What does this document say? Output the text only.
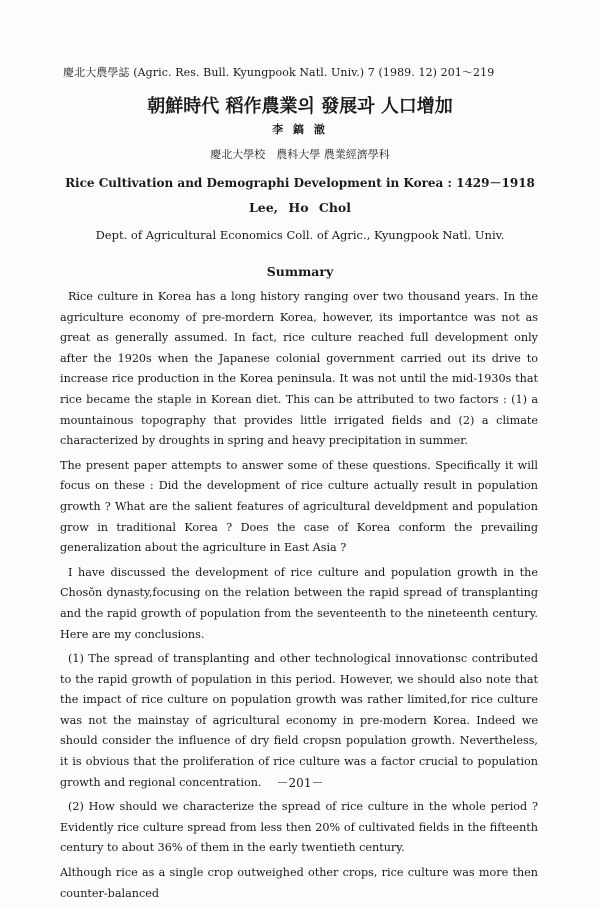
慶北大農學誌 (Agric. Res. Bull. Kyungpook Natl. Univ.) 7 (1989. 12) 201～219
朝鮮時代 稻作農業의 發展과 人口增加
李 鎬 澈
慶北大學校　農科大學 農業經濟學科
Rice Cultivation and Demographi Development in Korea : 1429－1918
Lee, Ho Chol
Dept. of Agricultural Economics Coll. of Agric., Kyungpook Natl. Univ.
Summary

Rice culture in Korea has a long history ranging over two thousand years. In the agriculture economy of pre-mordern Korea, however, its importantce was not as great as generally assumed. In fact, rice culture reached full development only after the 1920s when the Japanese colonial government carried out its drive to increase rice production in the Korea peninsula. It was not until the mid-1930s that rice became the staple in Korean diet. This can be attributed to two factors : (1) a mountainous topography that provides little irrigated fields and (2) a climate characterized by droughts in spring and heavy precipitation in summer.

The present paper attempts to answer some of these questions. Specifically it will focus on these : Did the development of rice culture actually result in population growth ? What are the salient features of agricultural develdpment and population grow in traditional Korea ? Does the case of Korea conform the prevailing generalization about the agriculture in East Asia ?

I have discussed the development of rice culture and population growth in the Chosŏn dynasty,focusing on the relation between the rapid spread of transplanting and the rapid growth of population from the seventeenth to the nineteenth century. Here are my conclusions.

(1) The spread of transplanting and other technological innovationsc contributed to the rapid growth of population in this period. However, we should also note that the impact of rice culture on population growth was rather limited,for rice culture was not the mainstay of agricultural economy in pre-modern Korea. Indeed we should consider the influence of dry field cropsn population growth. Nevertheless, it is obvious that the proliferation of rice culture was a factor crucial to population growth and regional concentration.

(2) How should we characterize the spread of rice culture in the whole period ? Evidently rice culture spread from less then 20% of cultivated fields in the fifteenth century to about 36% of them in the early twentieth century.

Although rice as a single crop outweighed other crops, rice culture was more then counter-balanced

－201－
